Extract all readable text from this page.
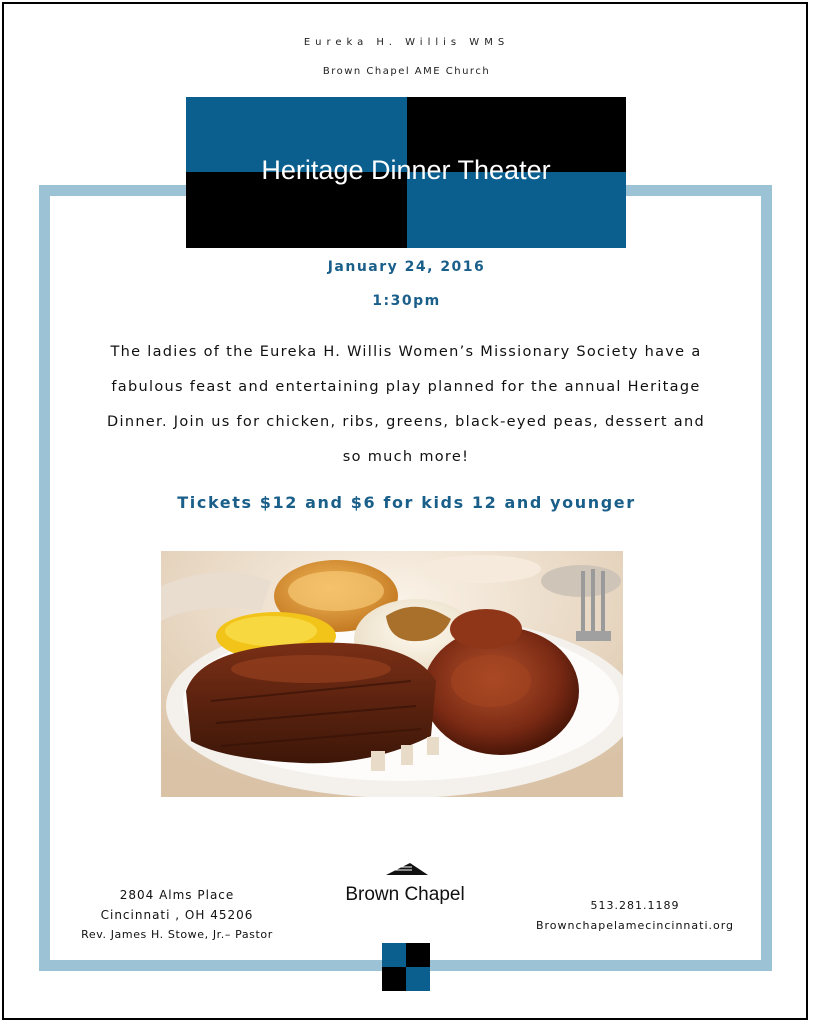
Eureka H. Willis WMS
Brown Chapel AME Church
Heritage Dinner Theater
January 24, 2016
1:30pm
The ladies of the Eureka H. Willis Women’s Missionary Society have a fabulous feast and entertaining play planned for the annual Heritage Dinner. Join us for chicken, ribs, greens, black-eyed peas, dessert and so much more!
Tickets $12 and $6 for kids 12 and younger
2804 Alms Place
Cincinnati , OH 45206
Rev. James H. Stowe, Jr.– Pastor
Brown Chapel
513.281.1189
Brownchapelamecincinnati.org
